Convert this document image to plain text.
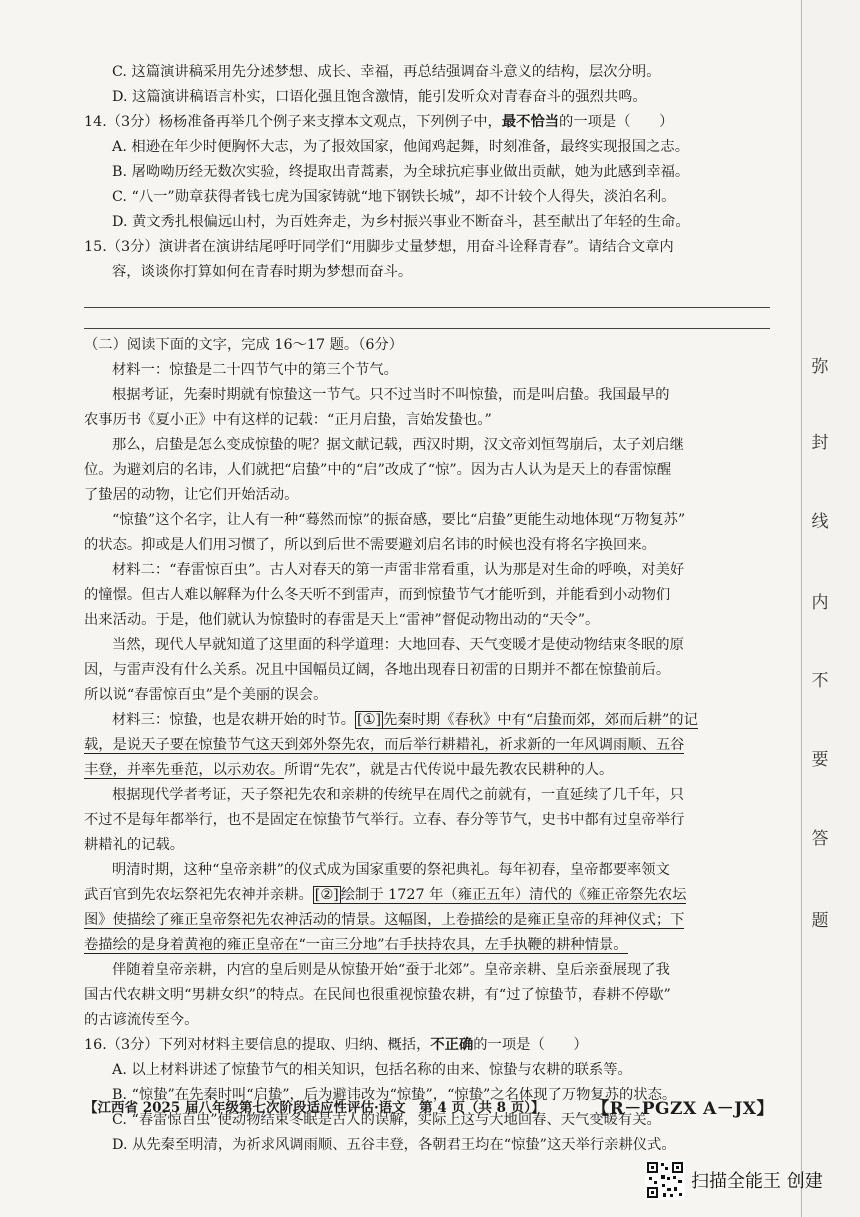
弥
封
线
内
不
要
答
题
C. 这篇演讲稿采用先分述梦想、成长、幸福，再总结强调奋斗意义的结构，层次分明。
D. 这篇演讲稿语言朴实，口语化强且饱含激情，能引发听众对青春奋斗的强烈共鸣。
14.（3分）杨杨准备再举几个例子来支撑本文观点，下列例子中，最不恰当的一项是（　　）
A. 相逊在年少时便胸怀大志，为了报效国家，他闻鸡起舞，时刻准备，最终实现报国之志。
B. 屠呦呦历经无数次实验，终提取出青蒿素，为全球抗疟事业做出贡献，她为此感到幸福。
C. “八一”勋章获得者钱七虎为国家铸就“地下钢铁长城”，却不计较个人得失，淡泊名利。
D. 黄文秀扎根偏远山村，为百姓奔走，为乡村振兴事业不断奋斗，甚至献出了年轻的生命。
15.（3分）演讲者在演讲结尾呼吁同学们“用脚步丈量梦想，用奋斗诠释青春”。请结合文章内
容，谈谈你打算如何在青春时期为梦想而奋斗。
（二）阅读下面的文字，完成 16～17 题。（6分）
材料一：惊蛰是二十四节气中的第三个节气。
根据考证，先秦时期就有惊蛰这一节气。只不过当时不叫惊蛰，而是叫启蛰。我国最早的
农事历书《夏小正》中有这样的记载：“正月启蛰，言始发蛰也。”
那么，启蛰是怎么变成惊蛰的呢？据文献记载，西汉时期，汉文帝刘恒驾崩后，太子刘启继
位。为避刘启的名讳，人们就把“启蛰”中的“启”改成了“惊”。因为古人认为是天上的春雷惊醒
了蛰居的动物，让它们开始活动。
“惊蛰”这个名字，让人有一种“蓦然而惊”的振奋感，要比“启蛰”更能生动地体现“万物复苏”
的状态。抑或是人们用习惯了，所以到后世不需要避刘启名讳的时候也没有将名字换回来。
材料二：“春雷惊百虫”。古人对春天的第一声雷非常看重，认为那是对生命的呼唤，对美好
的憧憬。但古人难以解释为什么冬天听不到雷声，而到惊蛰节气才能听到，并能看到小动物们
出来活动。于是，他们就认为惊蛰时的春雷是天上“雷神”督促动物出动的“天令”。
当然，现代人早就知道了这里面的科学道理：大地回春、天气变暖才是使动物结束冬眠的原
因，与雷声没有什么关系。况且中国幅员辽阔，各地出现春日初雷的日期并不都在惊蛰前后。
所以说“春雷惊百虫”是个美丽的误会。
材料三：惊蛰，也是农耕开始的时节。 [①] 先秦时期《春秋》中有“启蛰而郊，郊而后耕”的记
载，是说天子要在惊蛰节气这天到郊外祭先农，而后举行耕耤礼，祈求新的一年风调雨顺、五谷
丰登，并率先垂范，以示劝农。所谓“先农”，就是古代传说中最先教农民耕种的人。
根据现代学者考证，天子祭祀先农和亲耕的传统早在周代之前就有，一直延续了几千年，只
不过不是每年都举行，也不是固定在惊蛰节气举行。立春、春分等节气，史书中都有过皇帝举行
耕耤礼的记载。
明清时期，这种“皇帝亲耕”的仪式成为国家重要的祭祀典礼。每年初春，皇帝都要率领文
武百官到先农坛祭祀先农神并亲耕。 [②] 绘制于 1727 年（雍正五年）清代的《雍正帝祭先农坛
图》使描绘了雍正皇帝祭祀先农神活动的情景。这幅图，上卷描绘的是雍正皇帝的拜神仪式；下
卷描绘的是身着黄袍的雍正皇帝在“一亩三分地”右手扶持农具，左手执鞭的耕种情景。
伴随着皇帝亲耕，内宫的皇后则是从惊蛰开始“蚕于北郊”。皇帝亲耕、皇后亲蚕展现了我
国古代农耕文明“男耕女织”的特点。在民间也很重视惊蛰农耕，有“过了惊蛰节，春耕不停歇”
的古谚流传至今。
16.（3分）下列对材料主要信息的提取、归纳、概括，不正确的一项是（　　）
A. 以上材料讲述了惊蛰节气的相关知识，包括名称的由来、惊蛰与农耕的联系等。
B. “惊蛰”在先秦时叫“启蛰”，后为避讳改为“惊蛰”，“惊蛰”之名体现了万物复苏的状态。
C. “春雷惊百虫”使动物结束冬眠是古人的误解，实际上这与大地回春、天气变暖有关。
D. 从先秦至明清，为祈求风调雨顺、五谷丰登，各朝君王均在“惊蛰”这天举行亲耕仪式。
【江西省 2025 届八年级第七次阶段适应性评估·语文　第 4 页（共 8 页）】	【R－PGZX A－JX】
扫描全能王 创建
